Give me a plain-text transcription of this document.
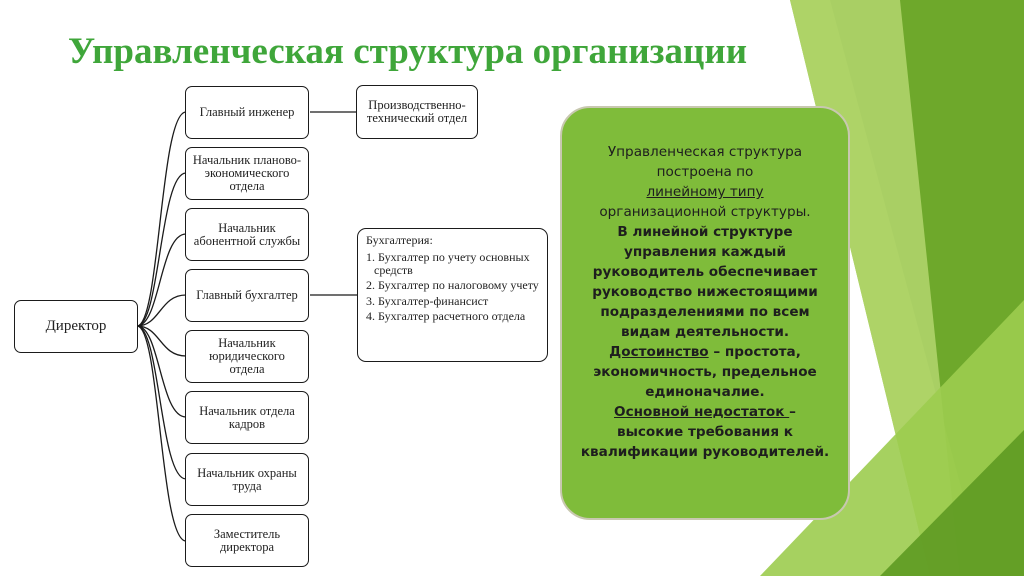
Управленческая структура организации
Директор
Главный инженер
Начальник планово-экономического отдела
Начальник абонентной службы
Главный бухгалтер
Начальник юридического отдела
Начальник отдела кадров
Начальник охраны труда
Заместитель директора
Производственно-технический отдел
Бухгалтерия:
1. Бухгалтер по учету основных средств
2. Бухгалтер по налоговому учету
3. Бухгалтер-финансист
4. Бухгалтер расчетного отдела

Управленческая структура построена по

линейному типу

организационной структуры.

В линейной структуре управления каждый руководитель обеспечивает руководство нижестоящими подразделениями по всем видам деятельности.

Достоинство – простота, экономичность, предельное единоначалие.

Основной недостаток –

высокие требования к квалификации руководителей.
